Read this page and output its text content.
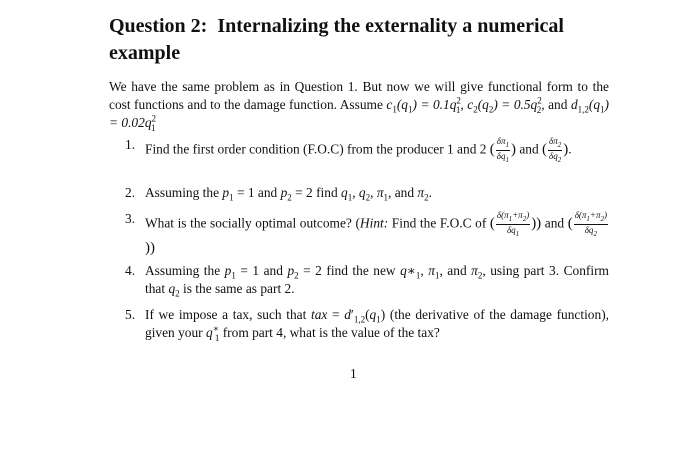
Question 2: Internalizing the externality a numerical example

We have the same problem as in Question 1. But now we will give functional form to the cost functions and to the damage function. Assume $c_1(q_1) = 0.1q^2_1$, $c_2(q_2) = 0.5q^2_2$, and $d_{1,2}(q_1) = 0.02q^2_1$

1. Find the first order condition (F.O.C) from the producer 1 and 2 ( $\frac{\delta\pi_1}{\delta q_1}$ ) and ( $\frac{\delta\pi_2}{\delta q_2}$ ).
2. Assuming the $p_1 = 1$ and $p_2 = 2$ find $q_1$, $q_2$, $\pi_1$, and $\pi_2$.
3. What is the socially optimal outcome? (Hint: Find the F.O.C of ( $\frac{\delta(\pi_1+\pi_2)}{\delta q_1}$ )) and ( $\frac{\delta(\pi_1+\pi_2)}{\delta q_2}$
))
4. Assuming the $p_1 = 1$ and $p_2 = 2$ find the new $q∗_1$, $\pi_1$, and $\pi_2$, using part 3. Confirm that $q_2$ is the same as part 2.
5. If we impose a tax, such that tax = $d'_{1,2}(q_1)$ (the derivative of the damage function), given your $q^∗_1$ from part 4, what is the value of the tax?
1
